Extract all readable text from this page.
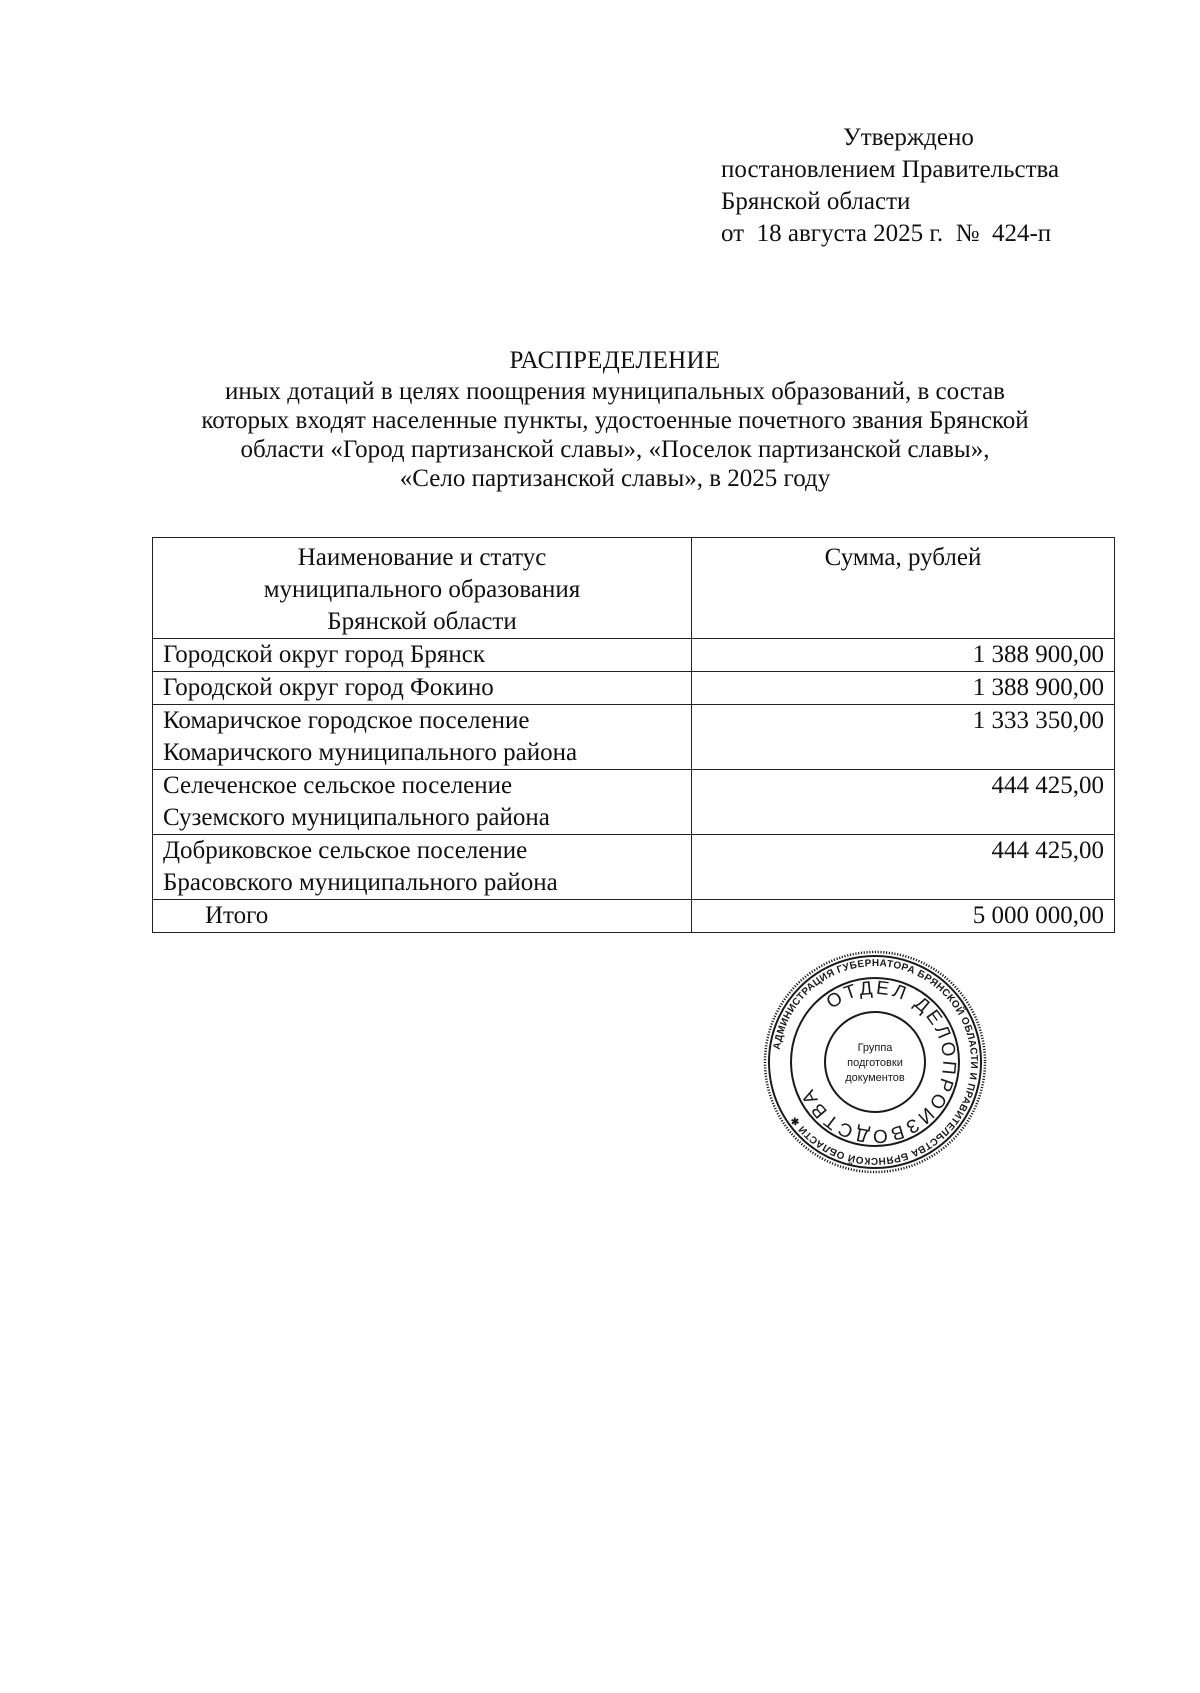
Утверждено
постановлением Правительства
Брянской области
от  18 августа 2025 г.  №  424-п
РАСПРЕДЕЛЕНИЕ
иных дотаций в целях поощрения муниципальных образований, в состав
которых входят населенные пункты, удостоенные почетного звания Брянской
области «Город партизанской славы», «Поселок партизанской славы»,
«Село партизанской славы», в 2025 году
Наименование и статус
муниципального образования
Брянской области	Сумма, рублей

Городской округ город Брянск	1 388 900,00

Городской округ город Фокино	1 388 900,00

Комаричское городское поселение
Комаричского муниципального района	1 333 350,00

Селеченское сельское поселение
Суземского муниципального района	444 425,00

Добриковское сельское поселение
Брасовского муниципального района	444 425,00
Итого	5 000 000,00
АДМИНИСТРАЦИЯ ГУБЕРНАТОРА БРЯНСКОЙ ОБЛАСТИ И ПРАВИТЕЛЬСТВА БРЯНСКОЙ ОБЛАСТИ ✱
ОТДЕЛ ДЕЛОПРОИЗВОДСТВА
Группа
подготовки
документов
